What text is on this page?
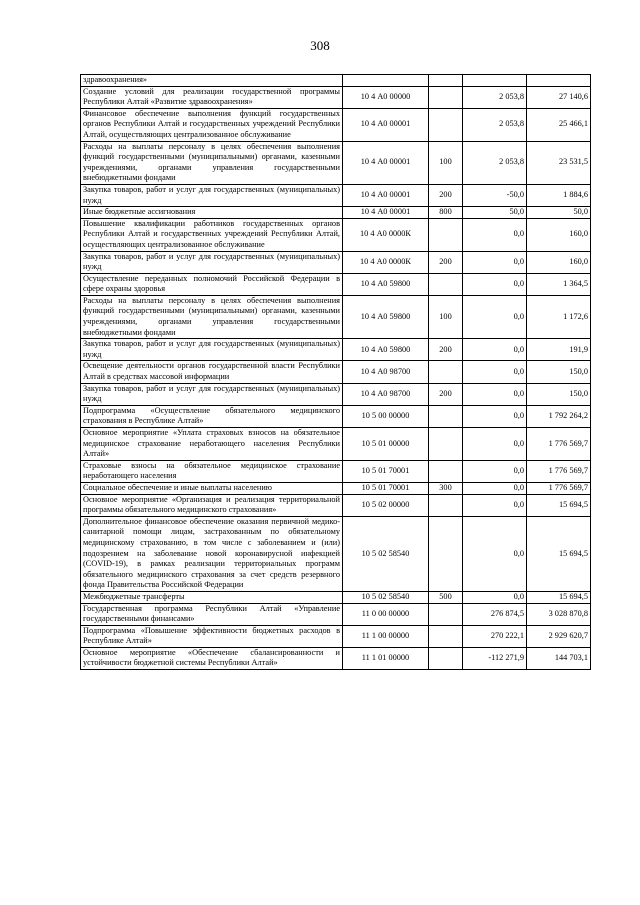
308
здравоохранения»				
Создание условий для реализации государственной программы Республики Алтай «Развитие здравоохранения»	10 4 А0 00000		2 053,8	27 140,6
Финансовое обеспечение выполнения функций государственных органов Республики Алтай и государственных учреждений Республики Алтай, осуществляющих централизованное обслуживание	10 4 А0 00001		2 053,8	25 466,1
Расходы на выплаты персоналу в целях обеспечения выполнения функций государственными (муниципальными) органами, казенными учреждениями, органами управления государственными внебюджетными фондами	10 4 А0 00001	100	2 053,8	23 531,5
Закупка товаров, работ и услуг для государственных (муниципальных) нужд	10 4 А0 00001	200	-50,0	1 884,6
Иные бюджетные ассигнования	10 4 А0 00001	800	50,0	50,0
Повышение квалификации работников государственных органов Республики Алтай и государственных учреждений Республики Алтай, осуществляющих централизованное обслуживание	10 4 А0 0000К		0,0	160,0
Закупка товаров, работ и услуг для государственных (муниципальных) нужд	10 4 А0 0000К	200	0,0	160,0
Осуществление переданных полномочий Российской Федерации в сфере охраны здоровья	10 4 А0 59800		0,0	1 364,5
Расходы на выплаты персоналу в целях обеспечения выполнения функций государственными (муниципальными) органами, казенными учреждениями, органами управления государственными внебюджетными фондами	10 4 А0 59800	100	0,0	1 172,6
Закупка товаров, работ и услуг для государственных (муниципальных) нужд	10 4 А0 59800	200	0,0	191,9
Освещение деятельности органов государственной власти Республики Алтай в средствах массовой информации	10 4 А0 98700		0,0	150,0
Закупка товаров, работ и услуг для государственных (муниципальных) нужд	10 4 А0 98700	200	0,0	150,0
Подпрограмма «Осуществление обязательного медицинского страхования в Республике Алтай»	10 5 00 00000		0,0	1 792 264,2
Основное мероприятие «Уплата страховых взносов на обязательное медицинское страхование неработающего населения Республики Алтай»	10 5 01 00000		0,0	1 776 569,7
Страховые взносы на обязательное медицинское страхование неработающего населения	10 5 01 70001		0,0	1 776 569,7
Социальное обеспечение и иные выплаты населению	10 5 01 70001	300	0,0	1 776 569,7
Основное мероприятие «Организация и реализация территориальной программы обязательного медицинского страхования»	10 5 02 00000		0,0	15 694,5
Дополнительное финансовое обеспечение оказания первичной медико-санитарной помощи лицам, застрахованным по обязательному медицинскому страхованию, в том числе с заболеванием и (или) подозрением на заболевание новой коронавирусной инфекцией (COVID-19), в рамках реализации территориальных программ обязательного медицинского страхования за счет средств резервного фонда Правительства Российской Федерации	10 5 02 58540		0,0	15 694,5
Межбюджетные трансферты	10 5 02 58540	500	0,0	15 694,5
Государственная программа Республики Алтай «Управление государственными финансами»	11 0 00 00000		276 874,5	3 028 870,8
Подпрограмма «Повышение эффективности бюджетных расходов в Республике Алтай»	11 1 00 00000		270 222,1	2 929 620,7
Основное мероприятие «Обеспечение сбалансированности и устойчивости бюджетной системы Республики Алтай»	11 1 01 00000		-112 271,9	144 703,1
